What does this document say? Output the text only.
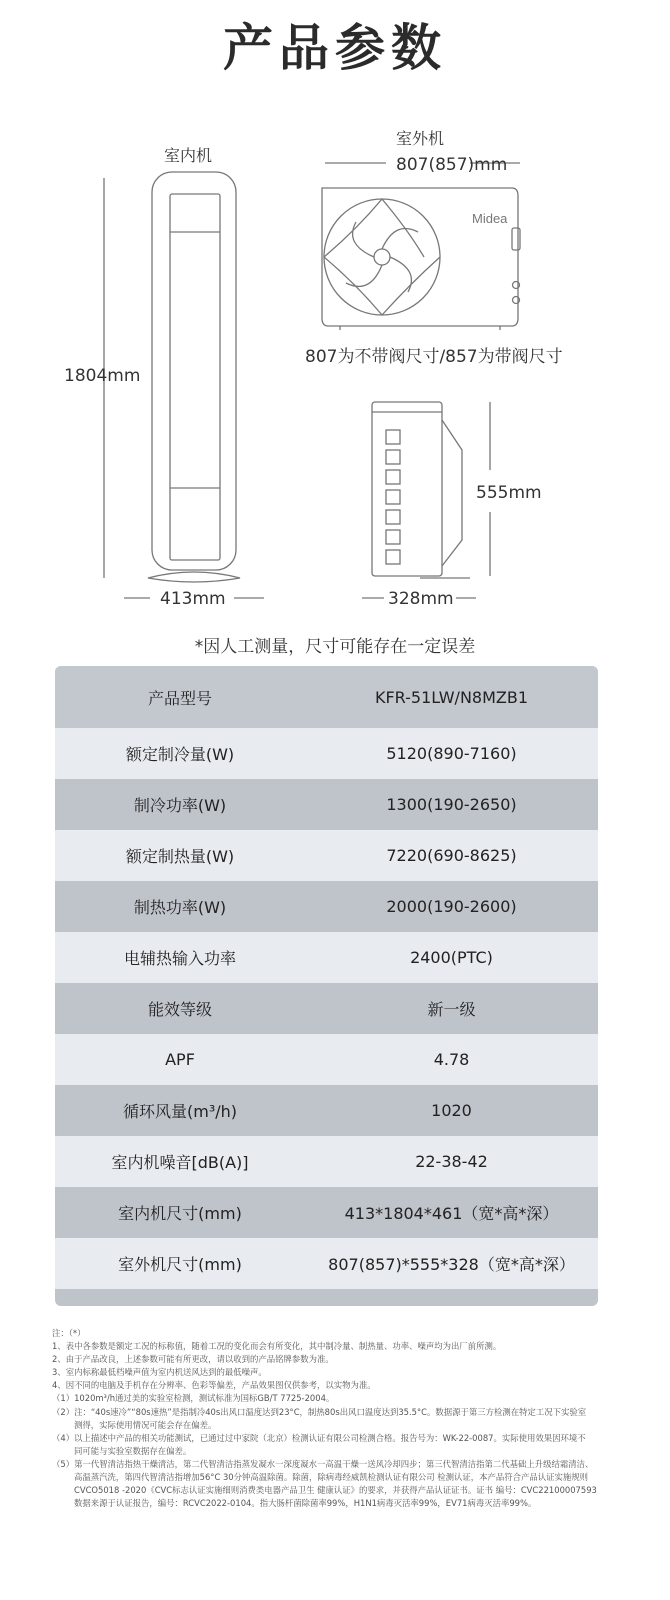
产品参数
Midea
室内机
室外机
807(857)mm
1804mm
413mm
807为不带阀尺寸/857为带阀尺寸
555mm
328mm
*因人工测量，尺寸可能存在一定误差
产品型号	KFR-51LW/N8MZB1
额定制冷量(W)	5120(890-7160)
制冷功率(W)	1300(190-2650)
额定制热量(W)	7220(690-8625)
制热功率(W)	2000(190-2600)
电辅热输入功率	2400(PTC)
能效等级	新一级
APF	4.78
循环风量(m³/h)	1020
室内机噪音[dB(A)]	22-38-42
室内机尺寸(mm)	413*1804*461（宽*高*深）
室外机尺寸(mm)	807(857)*555*328（宽*高*深）
注：（*）
1、表中各参数是额定工况的标称值，随着工况的变化而会有所变化，其中制冷量、制热量、功率、噪声均为出厂前所测。
2、由于产品改良，上述参数可能有所更改，请以收到的产品铭牌参数为准。
3、室内标称最低档噪声值为室内机送风达到的最低噪声。
4、因不同的电脑及手机存在分辨率、色彩等偏差，产品效果图仅供参考，以实物为准。
（1）1020m³/h通过美的实验室检测，测试标准为国标GB/T 7725-2004。
（2）注：“40s速冷”“80s速热”是指制冷40s出风口温度达到23°C，制热80s出风口温度达到35.5°C。数据源于第三方检测在特定工况下实验室
测得，实际使用情况可能会存在偏差。
（4）以上描述中产品的相关功能测试，已通过过中家院（北京）检测认证有限公司检测合格。报告号为：WK-22-0087。实际使用效果因环境不
同可能与实验室数据存在偏差。
（5）第一代智清洁指热干燥清洁，第二代智清洁指蒸发凝水一深度凝水一高温干燥一送风冷却四步；第三代智清洁指第二代基础上升级结霜清洁、
高温蒸汽洗，第四代智清洁指增加56°C 30分钟高温除菌。除菌，除病毒经威凯检测认证有限公司 检测认证，本产品符合产品认证实施规则
CVCO5018 -2020《CVC标志认证实施细则消费类电器产品卫生 健康认证》的要求，并获得产品认证证书。证书 编号：CVC22100007593
数据来源于认证报告，编号：RCVC2022-0104。指大肠杆菌除菌率99%，H1N1病毒灭活率99%，EV71病毒灭活率99%。
